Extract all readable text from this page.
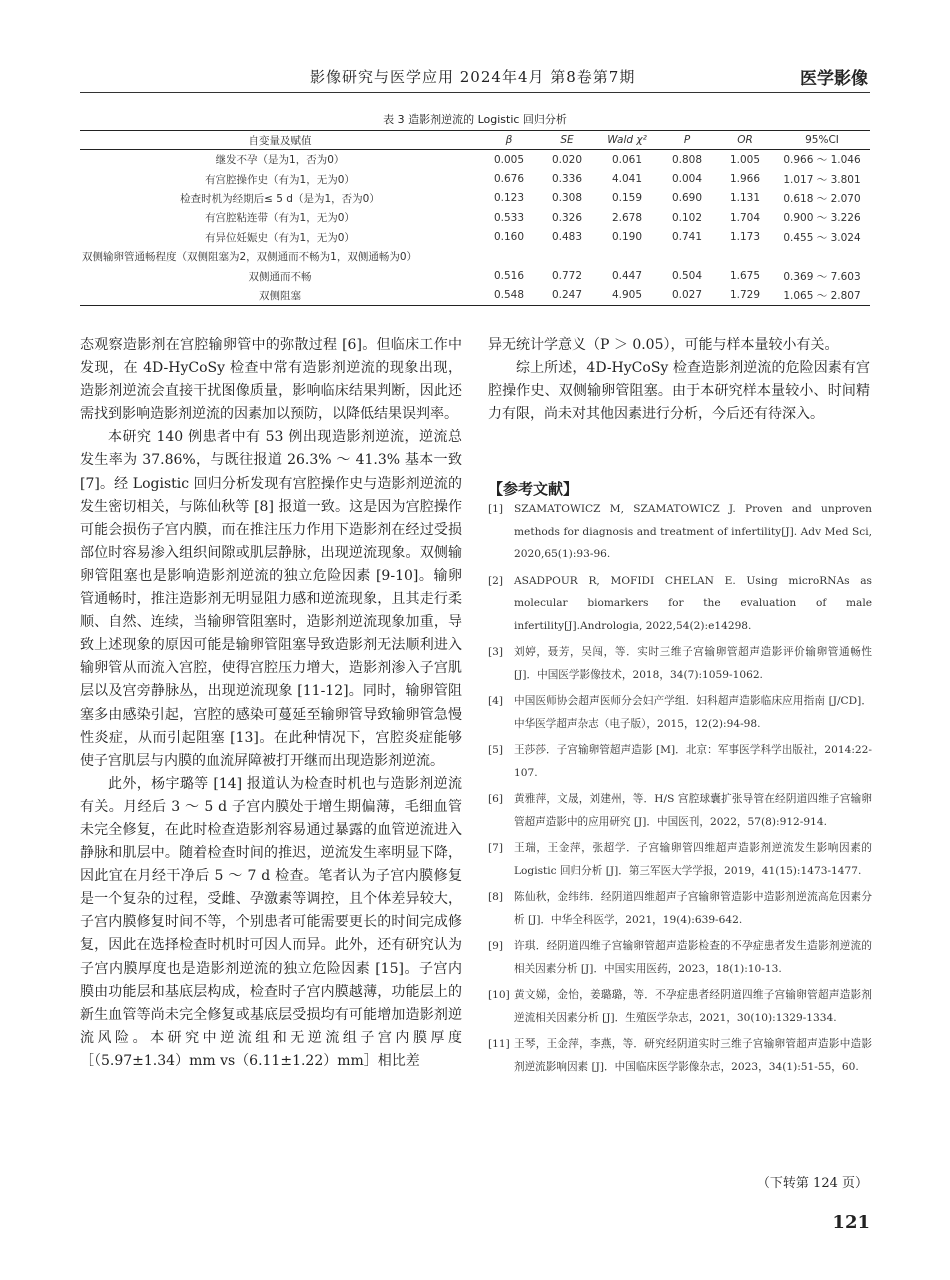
影像研究与医学应用 2024年4月 第8卷第7期	医学影像
表 3 造影剂逆流的 Logistic 回归分析
自变量及赋值	β	SE	Wald χ²	P	OR	95%CI
继发不孕（是为1，否为0）	0.005	0.020	0.061	0.808	1.005	0.966 ～ 1.046
有宫腔操作史（有为1，无为0）	0.676	0.336	4.041	0.004	1.966	1.017 ～ 3.801
检查时机为经期后≤ 5 d（是为1，否为0）	0.123	0.308	0.159	0.690	1.131	0.618 ～ 2.070
有宫腔粘连带（有为1，无为0）	0.533	0.326	2.678	0.102	1.704	0.900 ～ 3.226
有异位妊娠史（有为1，无为0）	0.160	0.483	0.190	0.741	1.173	0.455 ～ 3.024
双侧输卵管通畅程度（双侧阻塞为2，双侧通而不畅为1，双侧通畅为0）						
双侧通而不畅	0.516	0.772	0.447	0.504	1.675	0.369 ～ 7.603
双侧阻塞	0.548	0.247	4.905	0.027	1.729	1.065 ～ 2.807

态观察造影剂在宫腔输卵管中的弥散过程 [6]。但临床工作中发现，在 4D-HyCoSy 检查中常有造影剂逆流的现象出现，造影剂逆流会直接干扰图像质量，影响临床结果判断，因此还需找到影响造影剂逆流的因素加以预防，以降低结果误判率。

本研究 140 例患者中有 53 例出现造影剂逆流，逆流总发生率为 37.86%，与既往报道 26.3% ～ 41.3% 基本一致 [7]。经 Logistic 回归分析发现有宫腔操作史与造影剂逆流的发生密切相关，与陈仙秋等 [8] 报道一致。这是因为宫腔操作可能会损伤子宫内膜，而在推注压力作用下造影剂在经过受损部位时容易渗入组织间隙或肌层静脉，出现逆流现象。双侧输卵管阻塞也是影响造影剂逆流的独立危险因素 [9-10]。输卵管通畅时，推注造影剂无明显阻力感和逆流现象，且其走行柔顺、自然、连续，当输卵管阻塞时，造影剂逆流现象加重，导致上述现象的原因可能是输卵管阻塞导致造影剂无法顺利进入输卵管从而流入宫腔，使得宫腔压力增大，造影剂渗入子宫肌层以及宫旁静脉丛，出现逆流现象 [11-12]。同时，输卵管阻塞多由感染引起，宫腔的感染可蔓延至输卵管导致输卵管急慢性炎症，从而引起阻塞 [13]。在此种情况下，宫腔炎症能够使子宫肌层与内膜的血流屏障被打开继而出现造影剂逆流。

此外，杨宇璐等 [14] 报道认为检查时机也与造影剂逆流有关。月经后 3 ～ 5 d 子宫内膜处于增生期偏薄，毛细血管未完全修复，在此时检查造影剂容易通过暴露的血管逆流进入静脉和肌层中。随着检查时间的推迟，逆流发生率明显下降，因此宜在月经干净后 5 ～ 7 d 检查。笔者认为子宫内膜修复是一个复杂的过程，受雌、孕激素等调控，且个体差异较大，子宫内膜修复时间不等，个别患者可能需要更长的时间完成修复，因此在选择检查时机时可因人而异。此外，还有研究认为子宫内膜厚度也是造影剂逆流的独立危险因素 [15]。子宫内膜由功能层和基底层构成，检查时子宫内膜越薄，功能层上的新生血管等尚未完全修复或基底层受损均有可能增加造影剂逆流风险。本研究中逆流组和无逆流组子宫内膜厚度［（5.97±1.34）mm vs（6.11±1.22）mm］相比差

异无统计学意义（P ＞ 0.05），可能与样本量较小有关。

综上所述，4D-HyCoSy 检查造影剂逆流的危险因素有宫腔操作史、双侧输卵管阻塞。由于本研究样本量较小、时间精力有限，尚未对其他因素进行分析，今后还有待深入。

【参考文献】
[1] SZAMATOWICZ M, SZAMATOWICZ J. Proven and unproven methods for diagnosis and treatment of infertility[J]. Adv Med Sci, 2020,65(1):93-96.
[2] ASADPOUR R, MOFIDI CHELAN E. Using microRNAs as molecular biomarkers for the evaluation of male infertility[J].Andrologia, 2022,54(2):e14298.
[3] 刘婷，聂芳，吴闯，等．实时三维子宫输卵管超声造影评价输卵管通畅性 [J]．中国医学影像技术，2018，34(7):1059-1062.
[4] 中国医师协会超声医师分会妇产学组．妇科超声造影临床应用指南 [J/CD]．中华医学超声杂志（电子版），2015，12(2):94-98.
[5] 王莎莎．子宫输卵管超声造影 [M]．北京：军事医学科学出版社，2014:22-107.
[6] 黄雅萍，文晟，刘建州，等．H/S 宫腔球囊扩张导管在经阴道四维子宫输卵管超声造影中的应用研究 [J]．中国医刊，2022，57(8):912-914.
[7] 王瑞，王金萍，张超学．子宫输卵管四维超声造影剂逆流发生影响因素的 Logistic 回归分析 [J]．第三军医大学学报，2019，41(15):1473-1477.
[8] 陈仙秋，金纬纬．经阴道四维超声子宫输卵管造影中造影剂逆流高危因素分析 [J]．中华全科医学，2021，19(4):639-642.
[9] 许琪．经阴道四维子宫输卵管超声造影检查的不孕症患者发生造影剂逆流的相关因素分析 [J]．中国实用医药，2023，18(1):10-13.
[10] 黄文娣，金怡，姜璐璐，等．不孕症患者经阴道四维子宫输卵管超声造影剂逆流相关因素分析 [J]．生殖医学杂志，2021，30(10):1329-1334.
[11] 王琴，王金萍，李燕，等．研究经阴道实时三维子宫输卵管超声造影中造影剂逆流影响因素 [J]．中国临床医学影像杂志，2023，34(1):51-55，60.
（下转第 124 页）
121
